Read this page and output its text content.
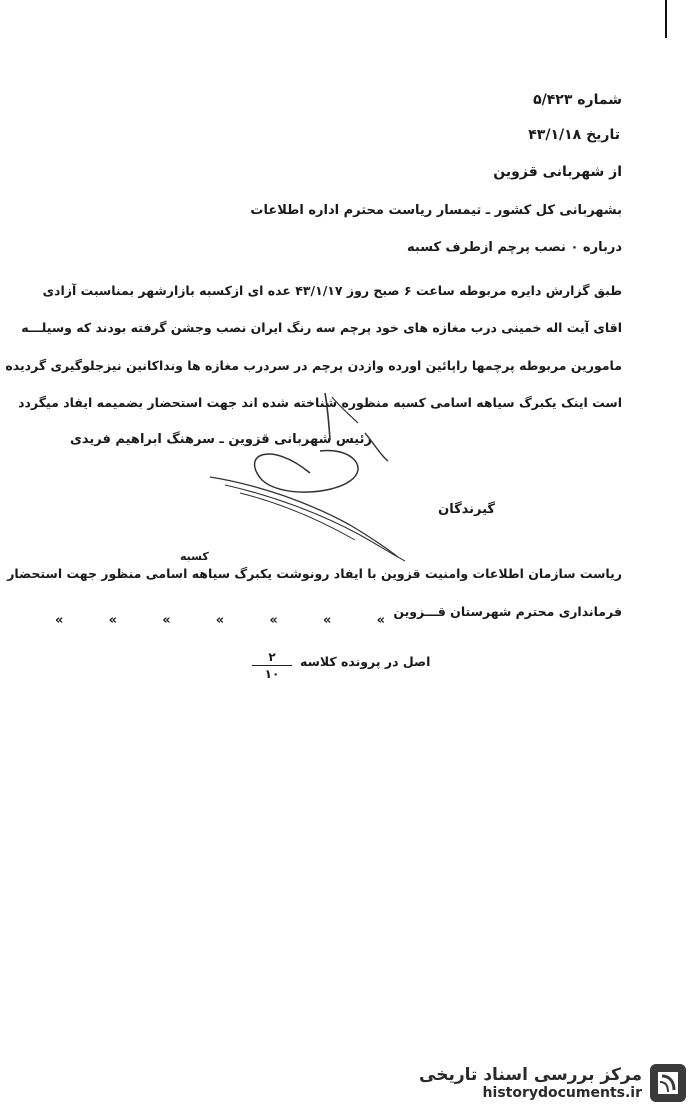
شماره ۵/۴۲۳
تاریخ ۴۳/۱/۱۸
از شهربانی قزوین
بشهربانی کل کشور ـ تیمسار ریاست محترم اداره اطلاعات
درباره ۰ نصب پرچم ازطرف کسبه
طبق گزارش دایره مربوطه ساعت ۶ صبح روز ۴۳/۱/۱۷ عده ای ازکسبه بازارشهر بمناسبت آزادی
اقای آیت اله خمینی درب مغازه های خود پرچم سه رنگ ایران نصب وجشن گرفته بودند که وسیلـــه
مامورین مربوطه پرچمها راپائین اورده وازدن پرچم در سردرب مغازه ها ونداکانین نیزجلوگیری گردیده
است اینک یکبرگ سیاهه اسامی کسبه منظوره شناخته شده اند جهت استحضار بضمیمه ایفاد میگردد
رئیس شهربانی قزوین ـ سرهنگ ابراهیم فریدی
گیرندگان
کسبه
ریاست سازمان اطلاعات وامنیت قزوین با ایفاد رونوشت یکبرگ سیاهه اسامی منظور جهت استحضار
فرمانداری محترم شهرستان قـــزوین
«	«	«	«	«	«	«
اصل در پرونده کلاسه
۲
۱۰
مرکز بررسی اسناد تاریخی
historydocuments.ir
